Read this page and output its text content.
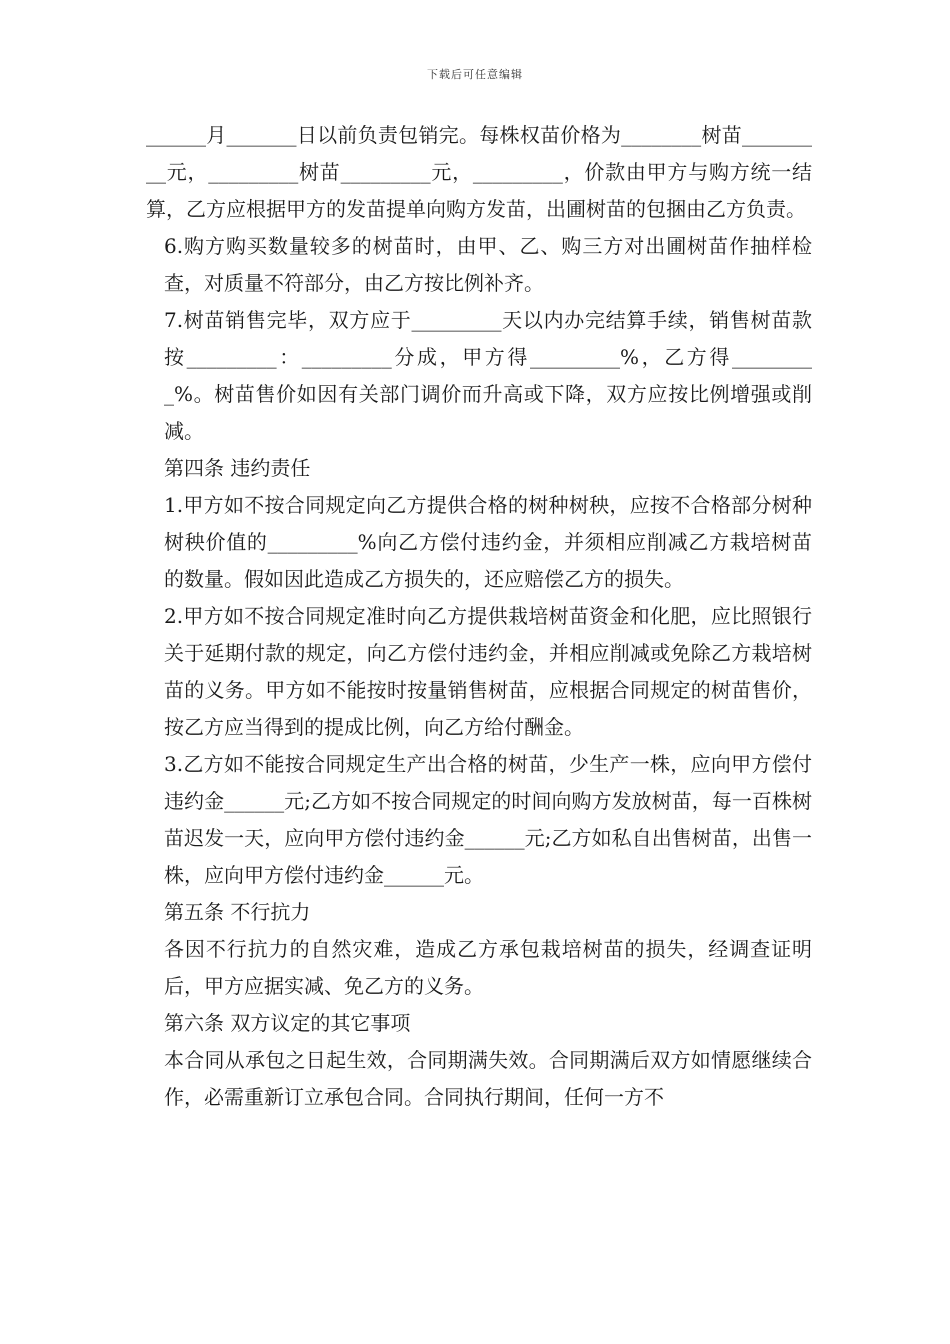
下载后可任意编辑

______月_______日以前负责包销完。每株权苗价格为________树苗_________元，_________树苗_________元，_________，价款由甲方与购方统一结算，乙方应根据甲方的发苗提单向购方发苗，出圃树苗的包捆由乙方负责。

6.购方购买数量较多的树苗时，由甲、乙、购三方对出圃树苗作抽样检查，对质量不符部分，由乙方按比例补齐。

7.树苗销售完毕，双方应于_________天以内办完结算手续，销售树苗款按_________：_________分成，甲方得_________%，乙方得_________%。树苗售价如因有关部门调价而升高或下降，双方应按比例增强或削减。

第四条 违约责任

1.甲方如不按合同规定向乙方提供合格的树种树秧，应按不合格部分树种树秧价值的_________%向乙方偿付违约金，并须相应削减乙方栽培树苗的数量。假如因此造成乙方损失的，还应赔偿乙方的损失。

2.甲方如不按合同规定准时向乙方提供栽培树苗资金和化肥，应比照银行关于延期付款的规定，向乙方偿付违约金，并相应削减或免除乙方栽培树苗的义务。甲方如不能按时按量销售树苗，应根据合同规定的树苗售价，按乙方应当得到的提成比例，向乙方给付酬金。

3.乙方如不能按合同规定生产出合格的树苗，少生产一株，应向甲方偿付违约金______元;乙方如不按合同规定的时间向购方发放树苗，每一百株树苗迟发一天，应向甲方偿付违约金______元;乙方如私自出售树苗，出售一株，应向甲方偿付违约金______元。

第五条 不行抗力

各因不行抗力的自然灾难，造成乙方承包栽培树苗的损失，经调查证明后，甲方应据实减、免乙方的义务。

第六条 双方议定的其它事项

本合同从承包之日起生效，合同期满失效。合同期满后双方如情愿继续合作，必需重新订立承包合同。合同执行期间，任何一方不
